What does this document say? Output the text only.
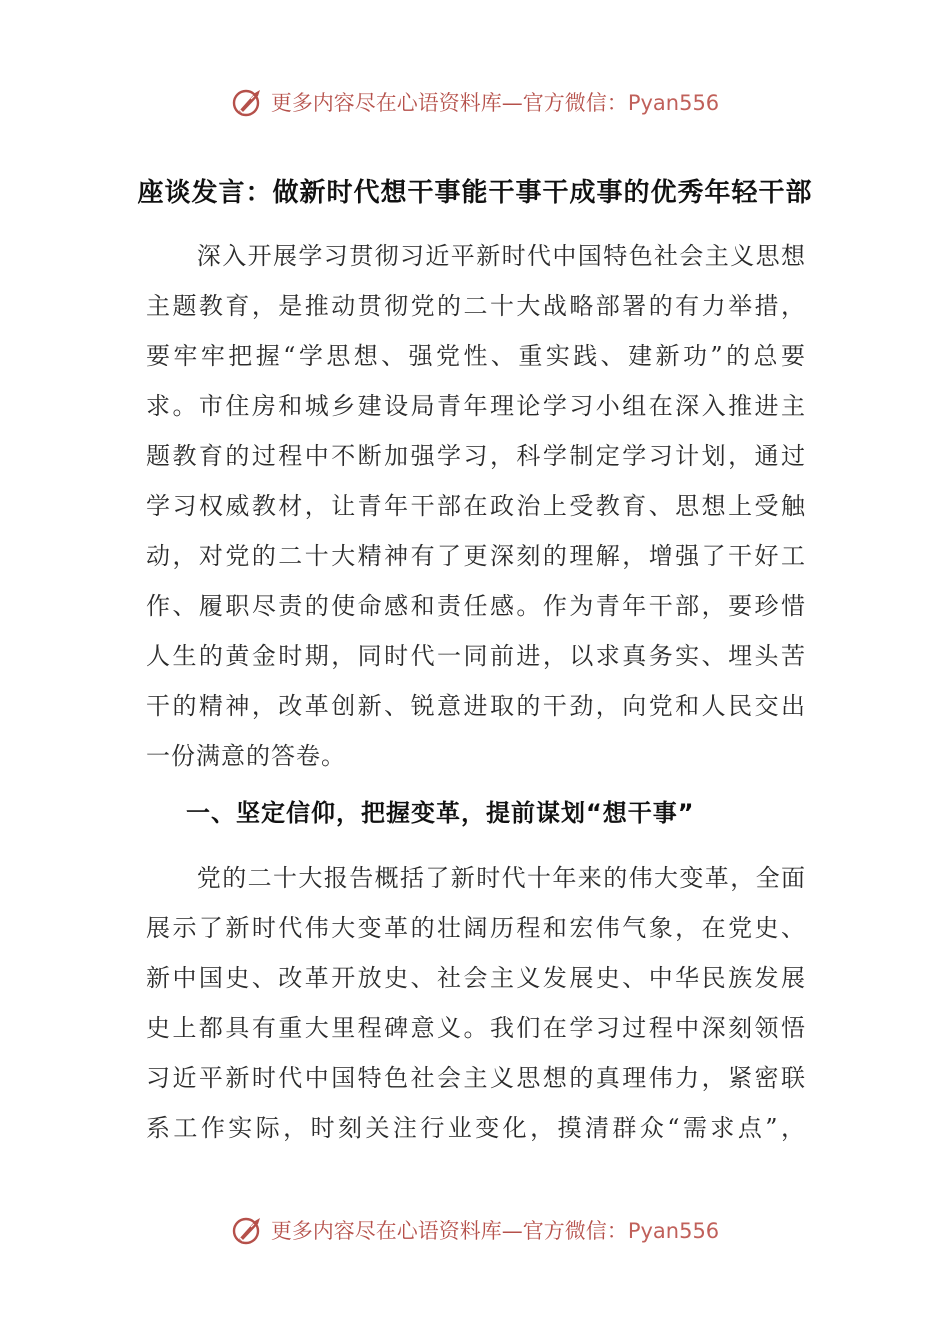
更多内容尽在心语资料库—官方微信：Pyan556
座谈发言：做新时代想干事能干事干成事的优秀年轻干部
　　深入开展学习贯彻习近平新时代中国特色社会主义思想
主题教育，是推动贯彻党的二十大战略部署的有力举措，
要牢牢把握“学思想、强党性、重实践、建新功”的总要
求。市住房和城乡建设局青年理论学习小组在深入推进主
题教育的过程中不断加强学习，科学制定学习计划，通过
学习权威教材，让青年干部在政治上受教育、思想上受触
动，对党的二十大精神有了更深刻的理解，增强了干好工
作、履职尽责的使命感和责任感。作为青年干部，要珍惜
人生的黄金时期，同时代一同前进，以求真务实、埋头苦
干的精神，改革创新、锐意进取的干劲，向党和人民交出
一份满意的答卷。
一、坚定信仰，把握变革，提前谋划“想干事”
　　党的二十大报告概括了新时代十年来的伟大变革，全面
展示了新时代伟大变革的壮阔历程和宏伟气象，在党史、
新中国史、改革开放史、社会主义发展史、中华民族发展
史上都具有重大里程碑意义。我们在学习过程中深刻领悟
习近平新时代中国特色社会主义思想的真理伟力，紧密联
系工作实际，时刻关注行业变化，摸清群众“需求点”，
更多内容尽在心语资料库—官方微信：Pyan556
